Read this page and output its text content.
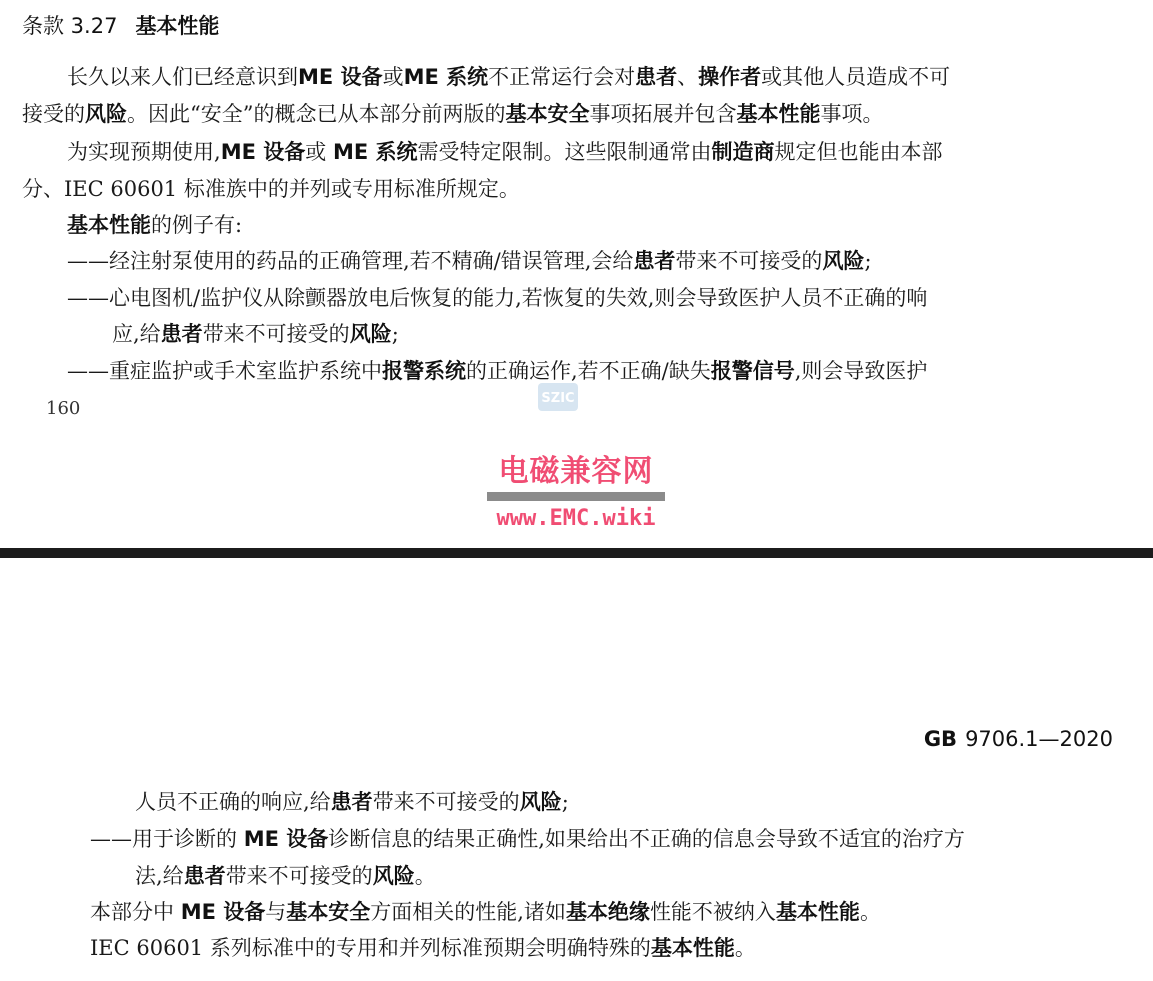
条款 3.27 基本性能
长久以来人们已经意识到ME 设备或ME 系统不正常运行会对患者、操作者或其他人员造成不可
接受的风险。因此“安全”的概念已从本部分前两版的基本安全事项拓展并包含基本性能事项。
为实现预期使用,ME 设备或 ME 系统需受特定限制。这些限制通常由制造商规定但也能由本部
分、IEC 60601 标准族中的并列或专用标准所规定。
基本性能的例子有:
——经注射泵使用的药品的正确管理,若不精确/错误管理,会给患者带来不可接受的风险;
——心电图机/监护仪从除颤器放电后恢复的能力,若恢复的失效,则会导致医护人员不正确的响
应,给患者带来不可接受的风险;
——重症监护或手术室监护系统中报警系统的正确运作,若不正确/缺失报警信号,则会导致医护
160	SZIC
电磁兼容网
www.EMC.wiki
GB 9706.1—2020
人员不正确的响应,给患者带来不可接受的风险;
——用于诊断的 ME 设备诊断信息的结果正确性,如果给出不正确的信息会导致不适宜的治疗方
法,给患者带来不可接受的风险。
本部分中 ME 设备与基本安全方面相关的性能,诸如基本绝缘性能不被纳入基本性能。
IEC 60601 系列标准中的专用和并列标准预期会明确特殊的基本性能。
